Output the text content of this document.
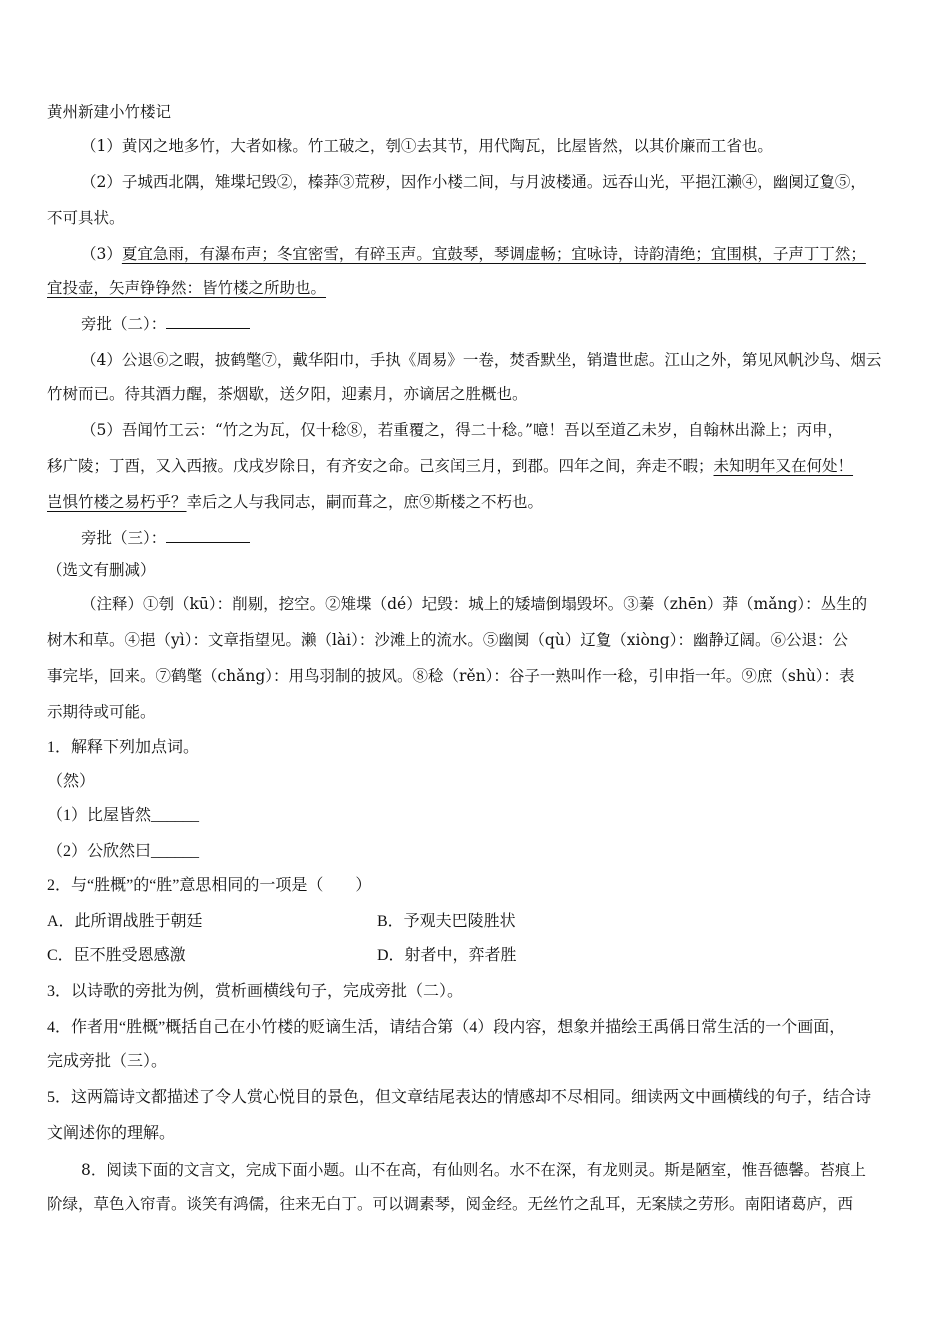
黄州新建小竹楼记
（1）黄冈之地多竹，大者如椽。竹工破之，刳①去其节，用代陶瓦，比屋皆然，以其价廉而工省也。
（2）子城西北隅，雉堞圮毁②，榛莽③荒秽，因作小楼二间，与月波楼通。远吞山光，平挹江濑④，幽阒辽夐⑤，
不可具状。
（3）夏宜急雨，有瀑布声；冬宜密雪，有碎玉声。宜鼓琴，琴调虚畅；宜咏诗，诗韵清绝；宜围棋，子声丁丁然；
宜投壶，矢声铮铮然：皆竹楼之所助也。
旁批（二）：
（4）公退⑥之暇，披鹤氅⑦，戴华阳巾，手执《周易》一卷，焚香默坐，销遣世虑。江山之外，第见风帆沙鸟、烟云
竹树而已。待其酒力醒，茶烟歇，送夕阳，迎素月，亦谪居之胜概也。
（5）吾闻竹工云：“竹之为瓦，仅十稔⑧，若重覆之，得二十稔。”噫！吾以至道乙未岁，自翰林出滁上；丙申，
移广陵；丁酉，又入西掖。戊戌岁除日，有齐安之命。己亥闰三月，到郡。四年之间，奔走不暇；未知明年又在何处！
岂惧竹楼之易朽乎？幸后之人与我同志，嗣而葺之，庶⑨斯楼之不朽也。
旁批（三）：
（选文有删减）
（注释）①刳（kū）：削剔，挖空。②雉堞（dé）圮毁：城上的矮墙倒塌毁坏。③蓁（zhēn）莽（mǎng）：丛生的
树木和草。④挹（yì）：文章指望见。濑（lài）：沙滩上的流水。⑤幽阒（qù）辽夐（xiòng）：幽静辽阔。⑥公退：公
事完毕，回来。⑦鹤氅（chǎng）：用鸟羽制的披风。⑧稔（rěn）：谷子一熟叫作一稔，引申指一年。⑨庶（shù）：表
示期待或可能。
1．解释下列加点词。
（然）
（1）比屋皆然______
（2）公欣然曰______
2．与“胜概”的“胜”意思相同的一项是（　　）
A．此所谓战胜于朝廷	B．予观夫巴陵胜状
C．臣不胜受恩感激	D．射者中，弈者胜
3．以诗歌的旁批为例，赏析画横线句子，完成旁批（二）。
4．作者用“胜概”概括自己在小竹楼的贬谪生活，请结合第（4）段内容，想象并描绘王禹偁日常生活的一个画面，
完成旁批（三）。
5．这两篇诗文都描述了令人赏心悦目的景色，但文章结尾表达的情感却不尽相同。细读两文中画横线的句子，结合诗
文阐述你的理解。
8．阅读下面的文言文，完成下面小题。山不在高，有仙则名。水不在深，有龙则灵。斯是陋室，惟吾德馨。苔痕上
阶绿，草色入帘青。谈笑有鸿儒，往来无白丁。可以调素琴，阅金经。无丝竹之乱耳，无案牍之劳形。南阳诸葛庐，西
